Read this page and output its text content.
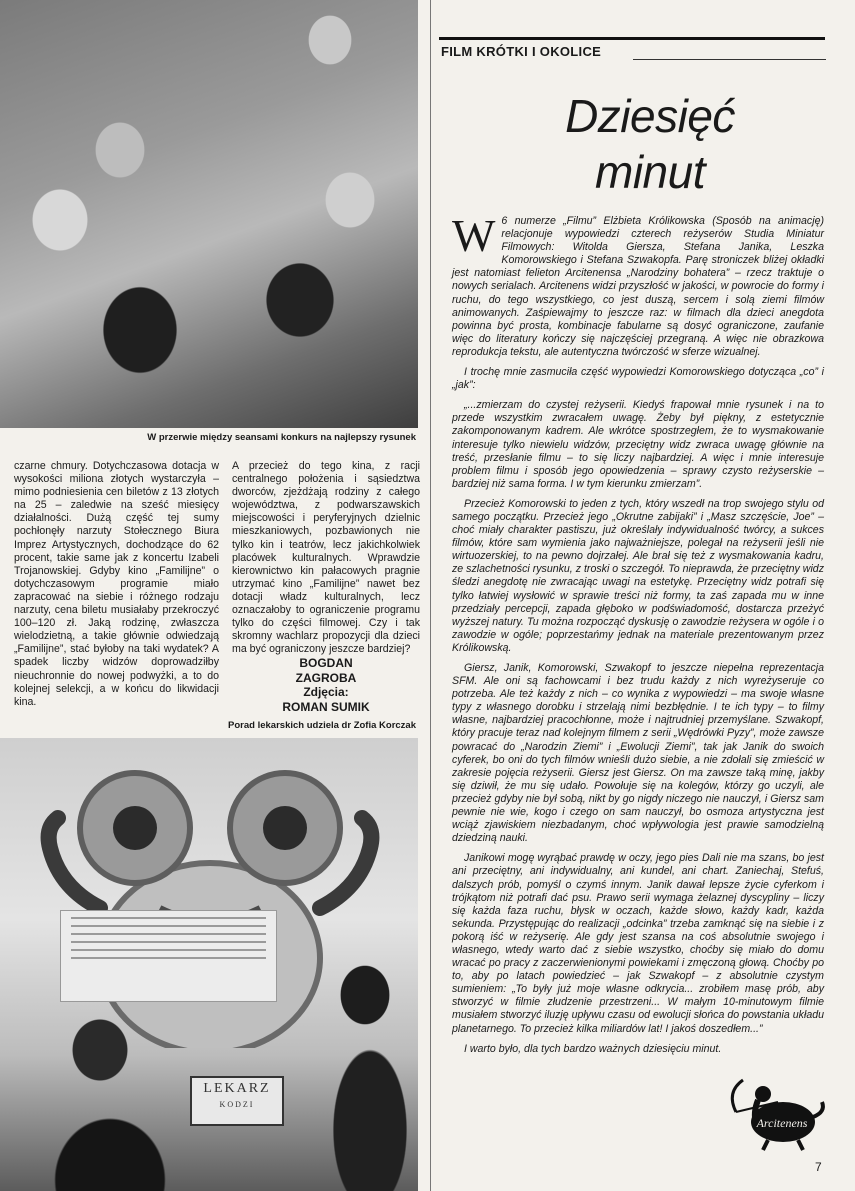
W przerwie między seansami konkurs na najlepszy rysunek

czarne chmury. Dotychczasowa dotacja w wysokości miliona złotych wystarczyła – mimo podniesienia cen biletów z 13 złotych na 25 – zaledwie na sześć miesięcy działalności. Dużą część tej sumy pochłonęły narzuty Stołecznego Biura Imprez Artystycznych, dochodzące do 62 procent, takie same jak z koncertu Izabeli Trojanowskiej. Gdyby kino „Familijne” o dotychczasowym programie miało zapracować na siebie i różnego rodzaju narzuty, cena biletu musiałaby przekroczyć 100–120 zł. Jaką rodzinę, zwłaszcza wielodzietną, a takie głównie odwiedzają „Familijne”, stać byłoby na taki wydatek? A spadek liczby widzów doprowadziłby nieuchronnie do nowej podwyżki, a to do kolejnej selekcji, a w końcu do likwidacji kina.

A przecież do tego kina, z racji centralnego położenia i sąsiedztwa dworców, zjeżdżają rodziny z całego województwa, z podwarszawskich miejscowości i peryferyjnych dzielnic mieszkaniowych, pozbawionych nie tylko kin i teatrów, lecz jakichkolwiek placówek kulturalnych. Wprawdzie kierownictwo kin pałacowych pragnie utrzymać kino „Familijne” nawet bez dotacji władz kulturalnych, lecz oznaczałoby to ograniczenie programu tylko do części filmowej. Czy i tak skromny wachlarz propozycji dla dzieci ma być ograniczony jeszcze bardziej?

BOGDAN
ZAGROBA
Zdjęcia:
ROMAN SUMIK
Porad lekarskich udziela dr Zofia Korczak
LEKARZ
KODZI
FILM KRÓTKI I OKOLICE
Dziesięć
minut

W 6 numerze „Filmu” Elżbieta Królikowska (Sposób na animację) relacjonuje wypowiedzi czterech reżyserów Studia Miniatur Filmowych: Witolda Giersza, Stefana Janika, Leszka Komorowskiego i Stefana Szwakopfa. Parę stroniczek bliżej okładki jest natomiast felieton Arcitenensa „Narodziny bohatera” – rzecz traktuje o nowych serialach. Arcitenens widzi przyszłość w jakości, w powrocie do formy i ruchu, do tego wszystkiego, co jest duszą, sercem i solą ziemi filmów animowanych. Zaśpiewajmy to jeszcze raz: w filmach dla dzieci anegdota powinna być prosta, kombinacje fabularne są dosyć ograniczone, zaufanie więc do literatury kończy się najczęściej przegraną. A więc nie obrazkowa reprodukcja tekstu, ale autentyczna twórczość w sferze wizualnej.

I trochę mnie zasmuciła część wypowiedzi Komorowskiego dotycząca „co” i „jak”:

„...zmierzam do czystej reżyserii. Kiedyś frapował mnie rysunek i na to przede wszystkim zwracałem uwagę. Żeby był piękny, z estetycznie zakomponowanym kadrem. Ale wkrótce spostrzegłem, że to wysmakowanie interesuje tylko niewielu widzów, przeciętny widz zwraca uwagę głównie na treść, przesłanie filmu – to się liczy najbardziej. A więc i mnie interesuje problem filmu i sposób jego opowiedzenia – sprawy czysto reżyserskie – bardziej niż sama forma. I w tym kierunku zmierzam”.

Przecież Komorowski to jeden z tych, który wszedł na trop swojego stylu od samego początku. Przecież jego „Okrutne zabijaki” i „Masz szczęście, Joe” – choć miały charakter pastiszu, już określały indywidualność twórcy, a sukces filmów, które sam wymienia jako najważniejsze, polegał na reżyserii jeśli nie wirtuozerskiej, to na pewno dojrzałej. Ale brał się też z wysmakowania kadru, ze szlachetności rysunku, z troski o szczegół. To nieprawda, że przeciętny widz śledzi anegdotę nie zwracając uwagi na estetykę. Przeciętny widz potrafi się tylko łatwiej wysłowić w sprawie treści niż formy, ta zaś zapada mu w inne przedziały percepcji, zapada głęboko w podświadomość, dostarcza przeżyć wyższej natury. Tu można rozpocząć dyskusję o zawodzie reżysera w ogóle i o zawodzie w ogóle; poprzestańmy jednak na materiale prezentowanym przez Królikowską.

Giersz, Janik, Komorowski, Szwakopf to jeszcze niepełna reprezentacja SFM. Ale oni są fachowcami i bez trudu każdy z nich wyreżyseruje co potrzeba. Ale też każdy z nich – co wynika z wypowiedzi – ma swoje własne typy z własnego dorobku i strzelają nimi bezbłędnie. I te ich typy – to filmy własne, najbardziej pracochłonne, może i najtrudniej przemyślane. Szwakopf, który pracuje teraz nad kolejnym filmem z serii „Wędrówki Pyzy”, może zawsze powracać do „Narodzin Ziemi” i „Ewolucji Ziemi”, tak jak Janik do swoich cyferek, bo oni do tych filmów wnieśli dużo siebie, a nie zdołali się zmieścić w zakresie pojęcia reżyserii. Giersz jest Giersz. On ma zawsze taką minę, jakby się dziwił, że mu się udało. Powołuje się na kolegów, którzy go uczyli, ale przecież gdyby nie był sobą, nikt by go nigdy niczego nie nauczył, i Giersz sam pewnie nie wie, kogo i czego on sam nauczył, bo osmoza artystyczna jest wciąż zjawiskiem niezbadanym, choć wpływologia jest prawie samodzielną dziedziną nauki.

Janikowi mogę wyrąbać prawdę w oczy, jego pies Dali nie ma szans, bo jest ani przeciętny, ani indywidualny, ani kundel, ani chart. Zaniechaj, Stefuś, dalszych prób, pomyśl o czymś innym. Janik dawał lepsze życie cyferkom i trójkątom niż potrafi dać psu. Prawo serii wymaga żelaznej dyscypliny – liczy się każda faza ruchu, błysk w oczach, każde słowo, każdy kadr, każda sekunda. Przystępując do realizacji „odcinka” trzeba zamknąć się na siebie i z pokorą iść w reżyserię. Ale gdy jest szansa na coś absolutnie swojego i własnego, wtedy warto dać z siebie wszystko, choćby się miało do domu wracać po pracy z zaczerwienionymi powiekami i zmęczoną głową. Choćby po to, aby po latach powiedzieć – jak Szwakopf – z absolutnie czystym sumieniem: „To były już moje własne odkrycia... zrobiłem masę prób, aby stworzyć w filmie złudzenie przestrzeni... W małym 10-minutowym filmie musiałem stworzyć iluzję upływu czasu od ewolucji słońca do powstania układu planetarnego. To przecież kilka miliardów lat! I jakoś doszedłem...”

I warto było, dla tych bardzo ważnych dziesięciu minut.

Arcitenens
7
